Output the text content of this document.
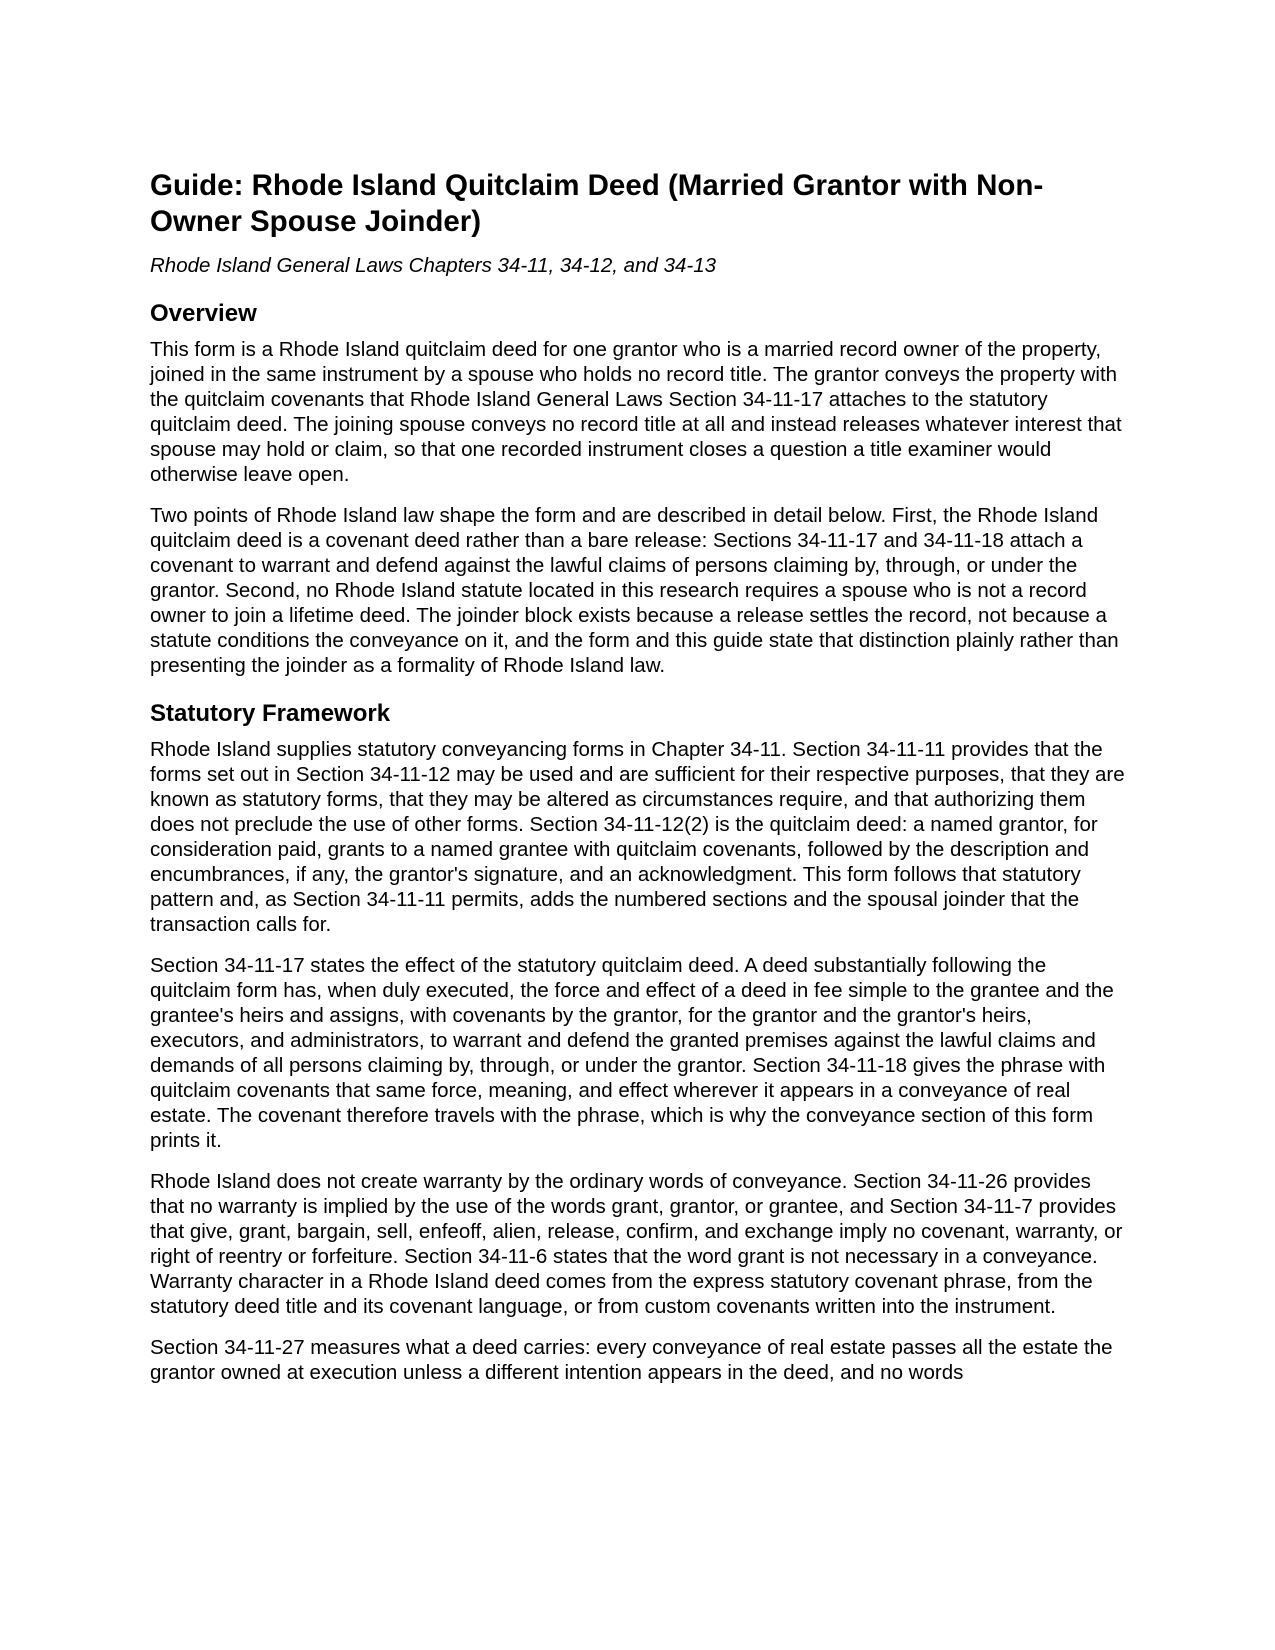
Guide: Rhode Island Quitclaim Deed (Married Grantor with Non-Owner Spouse Joinder)
Rhode Island General Laws Chapters 34-11, 34-12, and 34-13
Overview

This form is a Rhode Island quitclaim deed for one grantor who is a married record owner of the property, joined in the same instrument by a spouse who holds no record title. The grantor conveys the property with the quitclaim covenants that Rhode Island General Laws Section 34-11-17 attaches to the statutory quitclaim deed. The joining spouse conveys no record title at all and instead releases whatever interest that spouse may hold or claim, so that one recorded instrument closes a question a title examiner would otherwise leave open.

Two points of Rhode Island law shape the form and are described in detail below. First, the Rhode Island quitclaim deed is a covenant deed rather than a bare release: Sections 34-11-17 and 34-11-18 attach a covenant to warrant and defend against the lawful claims of persons claiming by, through, or under the grantor. Second, no Rhode Island statute located in this research requires a spouse who is not a record owner to join a lifetime deed. The joinder block exists because a release settles the record, not because a statute conditions the conveyance on it, and the form and this guide state that distinction plainly rather than presenting the joinder as a formality of Rhode Island law.

Statutory Framework

Rhode Island supplies statutory conveyancing forms in Chapter 34-11. Section 34-11-11 provides that the forms set out in Section 34-11-12 may be used and are sufficient for their respective purposes, that they are known as statutory forms, that they may be altered as circumstances require, and that authorizing them does not preclude the use of other forms. Section 34-11-12(2) is the quitclaim deed: a named grantor, for consideration paid, grants to a named grantee with quitclaim covenants, followed by the description and encumbrances, if any, the grantor's signature, and an acknowledgment. This form follows that statutory pattern and, as Section 34-11-11 permits, adds the numbered sections and the spousal joinder that the transaction calls for.

Section 34-11-17 states the effect of the statutory quitclaim deed. A deed substantially following the quitclaim form has, when duly executed, the force and effect of a deed in fee simple to the grantee and the grantee's heirs and assigns, with covenants by the grantor, for the grantor and the grantor's heirs, executors, and administrators, to warrant and defend the granted premises against the lawful claims and demands of all persons claiming by, through, or under the grantor. Section 34-11-18 gives the phrase with quitclaim covenants that same force, meaning, and effect wherever it appears in a conveyance of real estate. The covenant therefore travels with the phrase, which is why the conveyance section of this form prints it.

Rhode Island does not create warranty by the ordinary words of conveyance. Section 34-11-26 provides that no warranty is implied by the use of the words grant, grantor, or grantee, and Section 34-11-7 provides that give, grant, bargain, sell, enfeoff, alien, release, confirm, and exchange imply no covenant, warranty, or right of reentry or forfeiture. Section 34-11-6 states that the word grant is not necessary in a conveyance. Warranty character in a Rhode Island deed comes from the express statutory covenant phrase, from the statutory deed title and its covenant language, or from custom covenants written into the instrument.

Section 34-11-27 measures what a deed carries: every conveyance of real estate passes all the estate the grantor owned at execution unless a different intention appears in the deed, and no words
